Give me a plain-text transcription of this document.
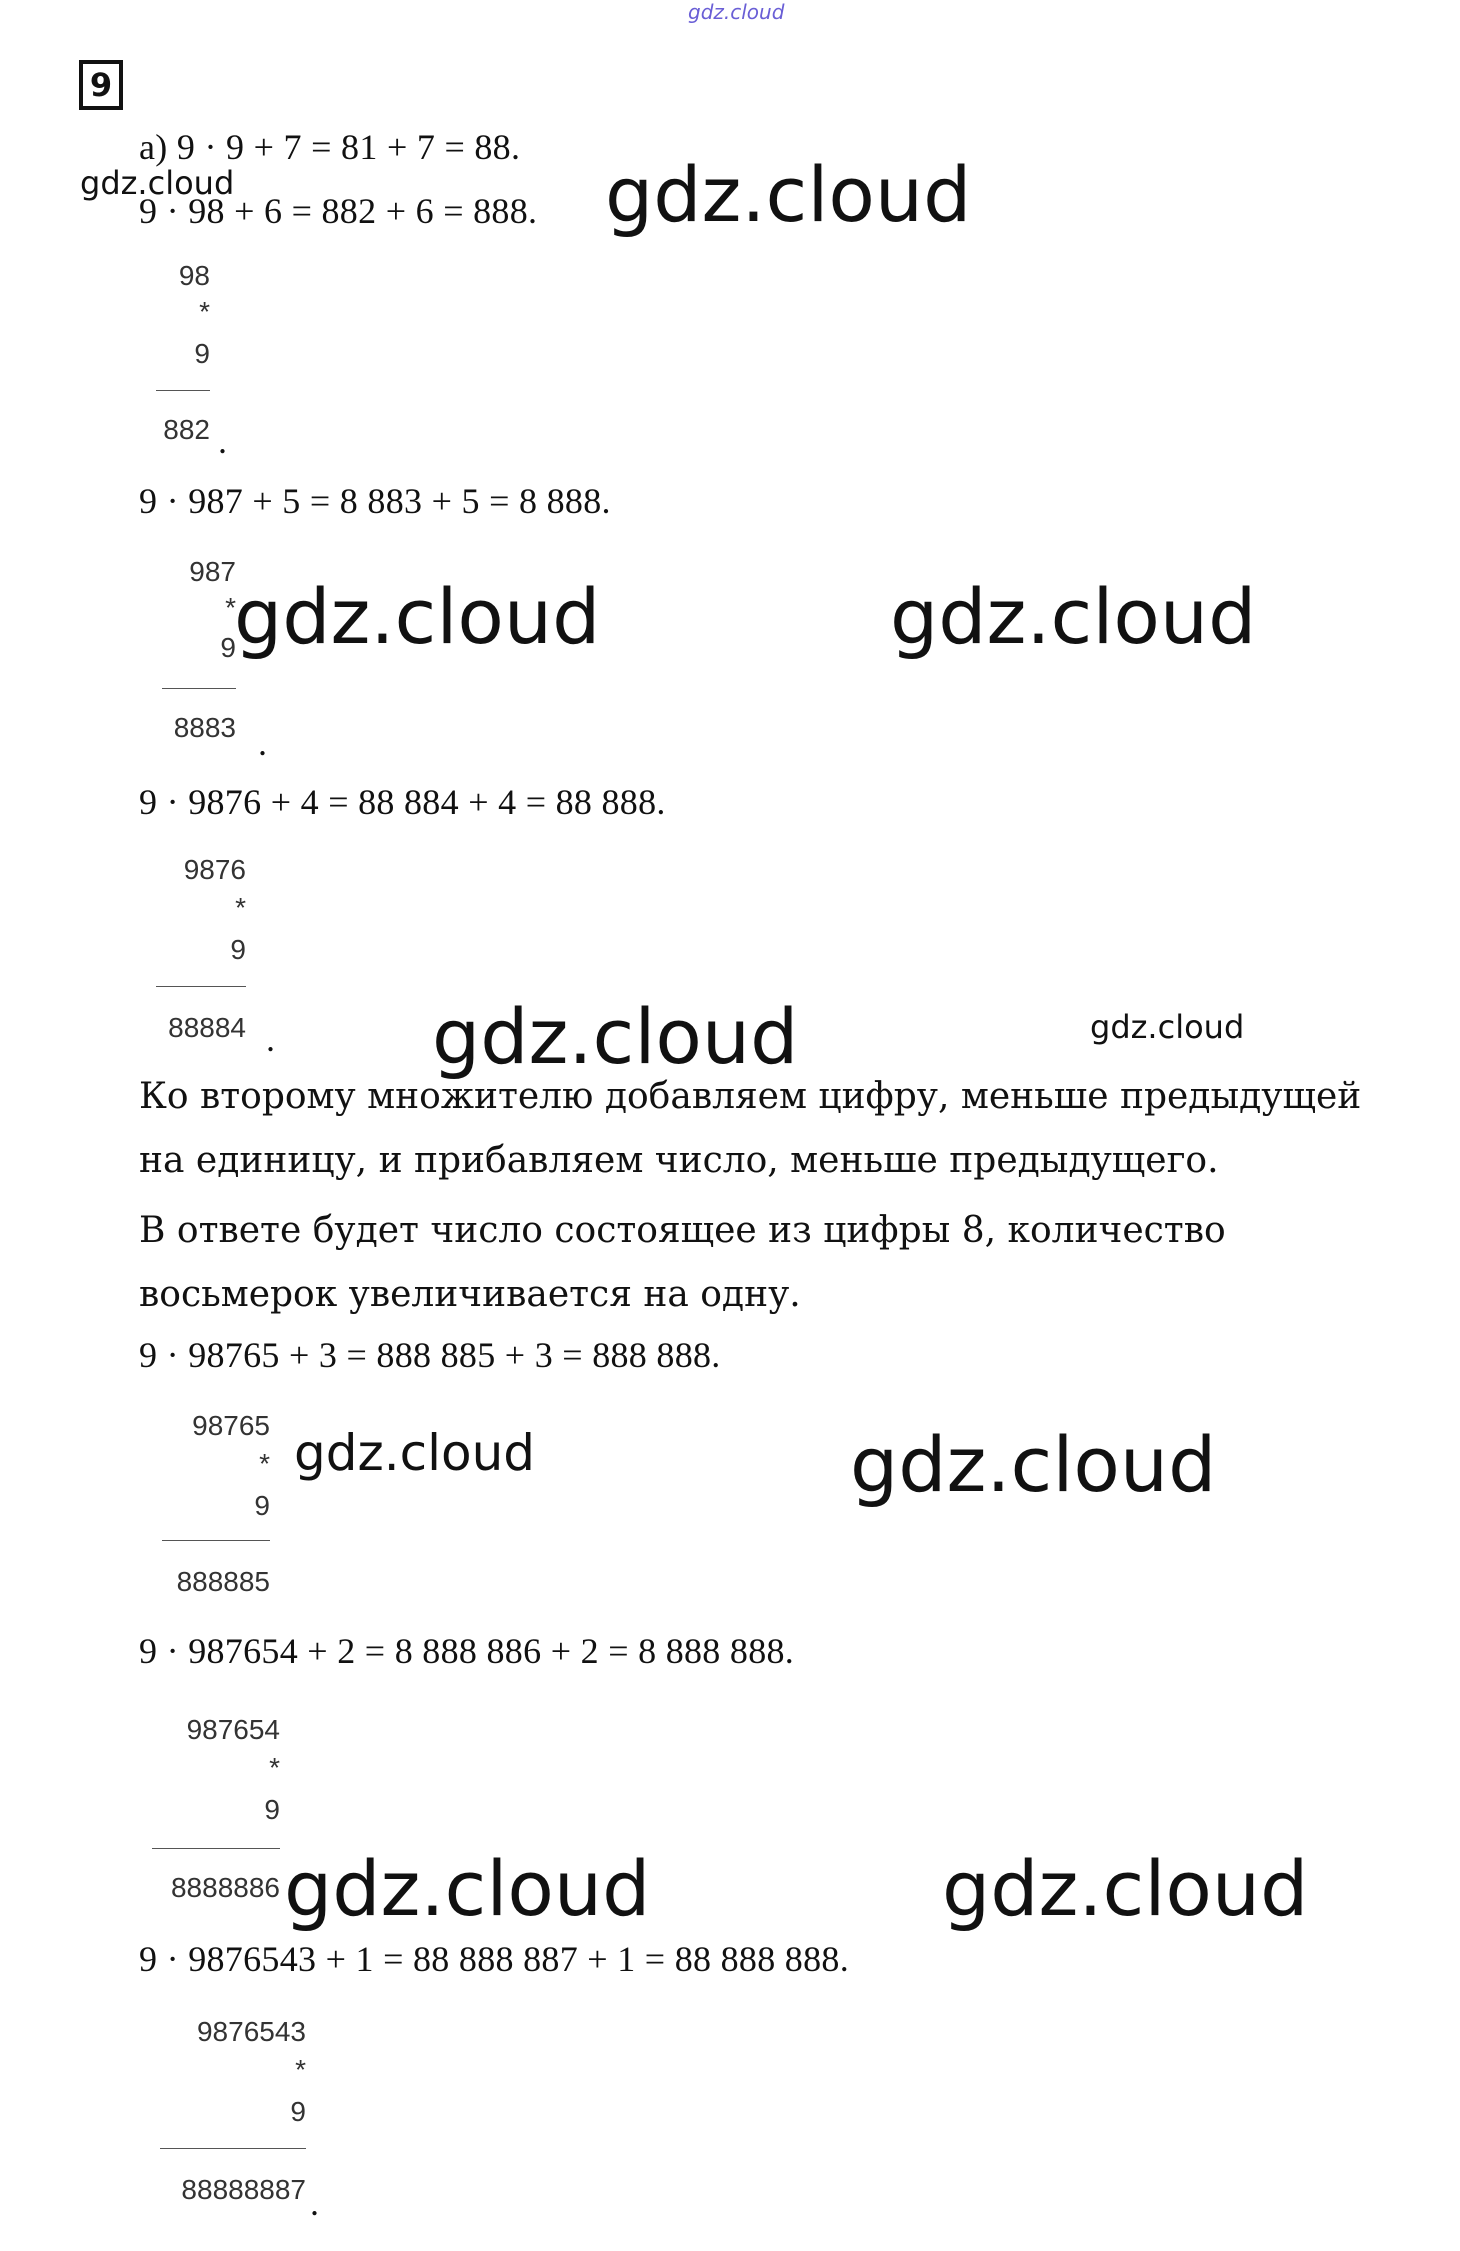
gdz.cloud
9
а) 9 · 9 + 7 = 81 + 7 = 88.
gdz.cloud
9 · 98 + 6 = 882 + 6 = 888. gdz.cloud
98
*
9
882 .
9 · 987 + 5 = 8 883 + 5 = 8 888.
987
*
9
8883 .
gdz.cloud	gdz.cloud
9 · 9876 + 4 = 88 884 + 4 = 88 888.
9876
*
9
88884 . gdz.cloud	gdz.cloud
Ко второму множителю добавляем цифру, меньше предыдущей
на единицу, и прибавляем число, меньше предыдущего.
В ответе будет число состоящее из цифры 8, количество
восьмерок увеличивается на одну.
9 · 98765 + 3 = 888 885 + 3 = 888 888.
98765
*
9
888885
gdz.cloud	gdz.cloud
9 · 987654 + 2 = 8 888 886 + 2 = 8 888 888.
987654
*
9
8888886 gdz.cloud	gdz.cloud
9 · 9876543 + 1 = 88 888 887 + 1 = 88 888 888.
9876543
*
9
88888887 .
